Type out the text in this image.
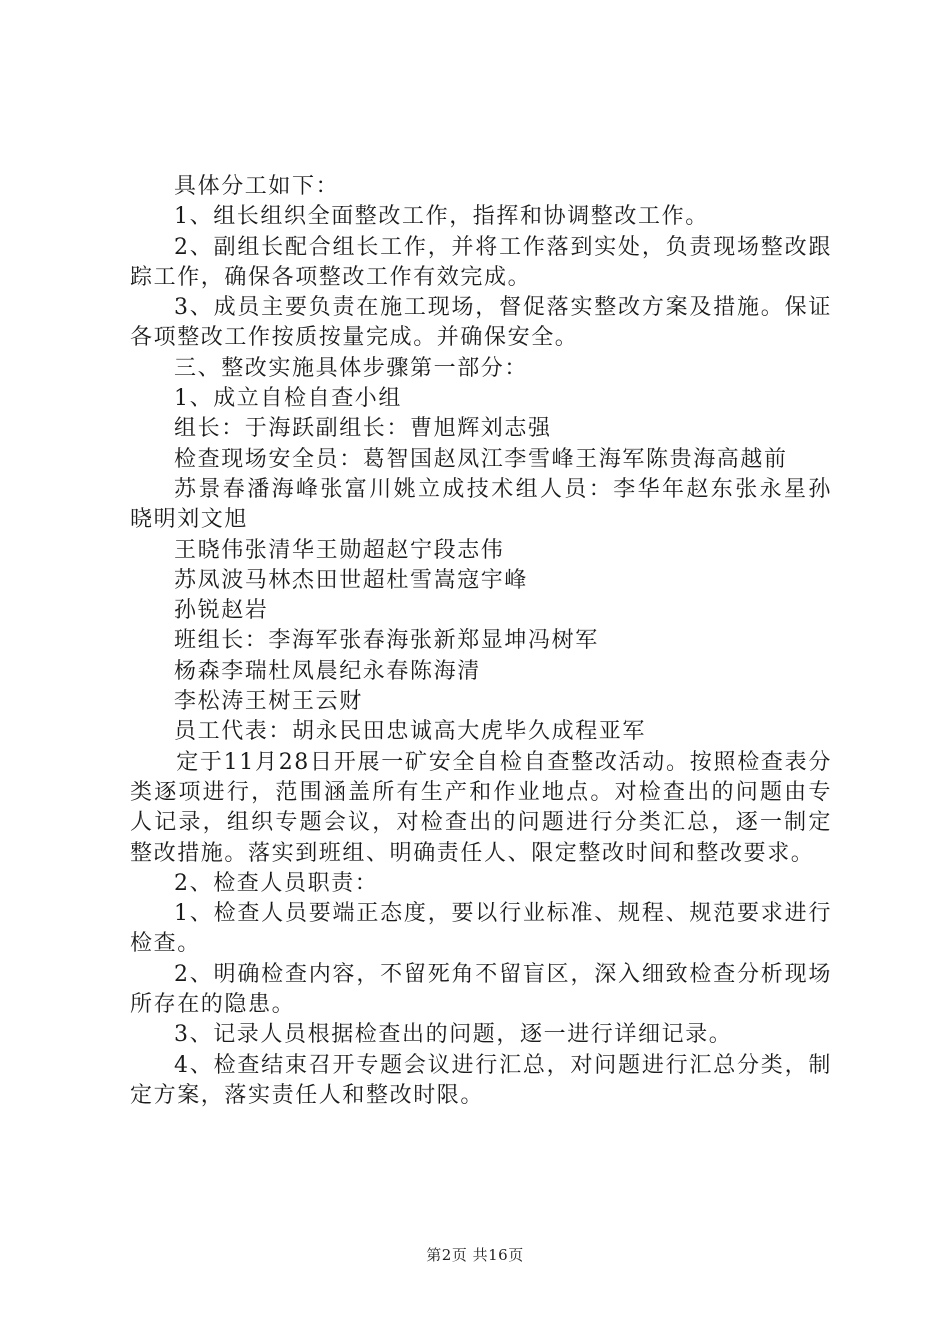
具体分工如下：

1、组长组织全面整改工作，指挥和协调整改工作。

2、副组长配合组长工作，并将工作落到实处，负责现场整改跟踪工作，确保各项整改工作有效完成。

3、成员主要负责在施工现场，督促落实整改方案及措施。保证各项整改工作按质按量完成。并确保安全。

三、整改实施具体步骤第一部分：

1、成立自检自查小组

组长：于海跃副组长：曹旭辉刘志强

检查现场安全员：葛智国赵凤江李雪峰王海军陈贵海高越前

苏景春潘海峰张富川姚立成技术组人员：李华年赵东张永星孙晓明刘文旭

王晓伟张清华王勋超赵宁段志伟

苏凤波马林杰田世超杜雪嵩寇宇峰

孙锐赵岩

班组长：李海军张春海张新郑显坤冯树军

杨森李瑞杜凤晨纪永春陈海清

李松涛王树王云财

员工代表：胡永民田忠诚高大虎毕久成程亚军

定于11月28日开展一矿安全自检自查整改活动。按照检查表分类逐项进行，范围涵盖所有生产和作业地点。对检查出的问题由专人记录，组织专题会议，对检查出的问题进行分类汇总，逐一制定整改措施。落实到班组、明确责任人、限定整改时间和整改要求。

2、检查人员职责：

1、检查人员要端正态度，要以行业标准、规程、规范要求进行检查。

2、明确检查内容，不留死角不留盲区，深入细致检查分析现场所存在的隐患。

3、记录人员根据检查出的问题，逐一进行详细记录。

4、检查结束召开专题会议进行汇总，对问题进行汇总分类，制定方案，落实责任人和整改时限。

第2页 共16页
